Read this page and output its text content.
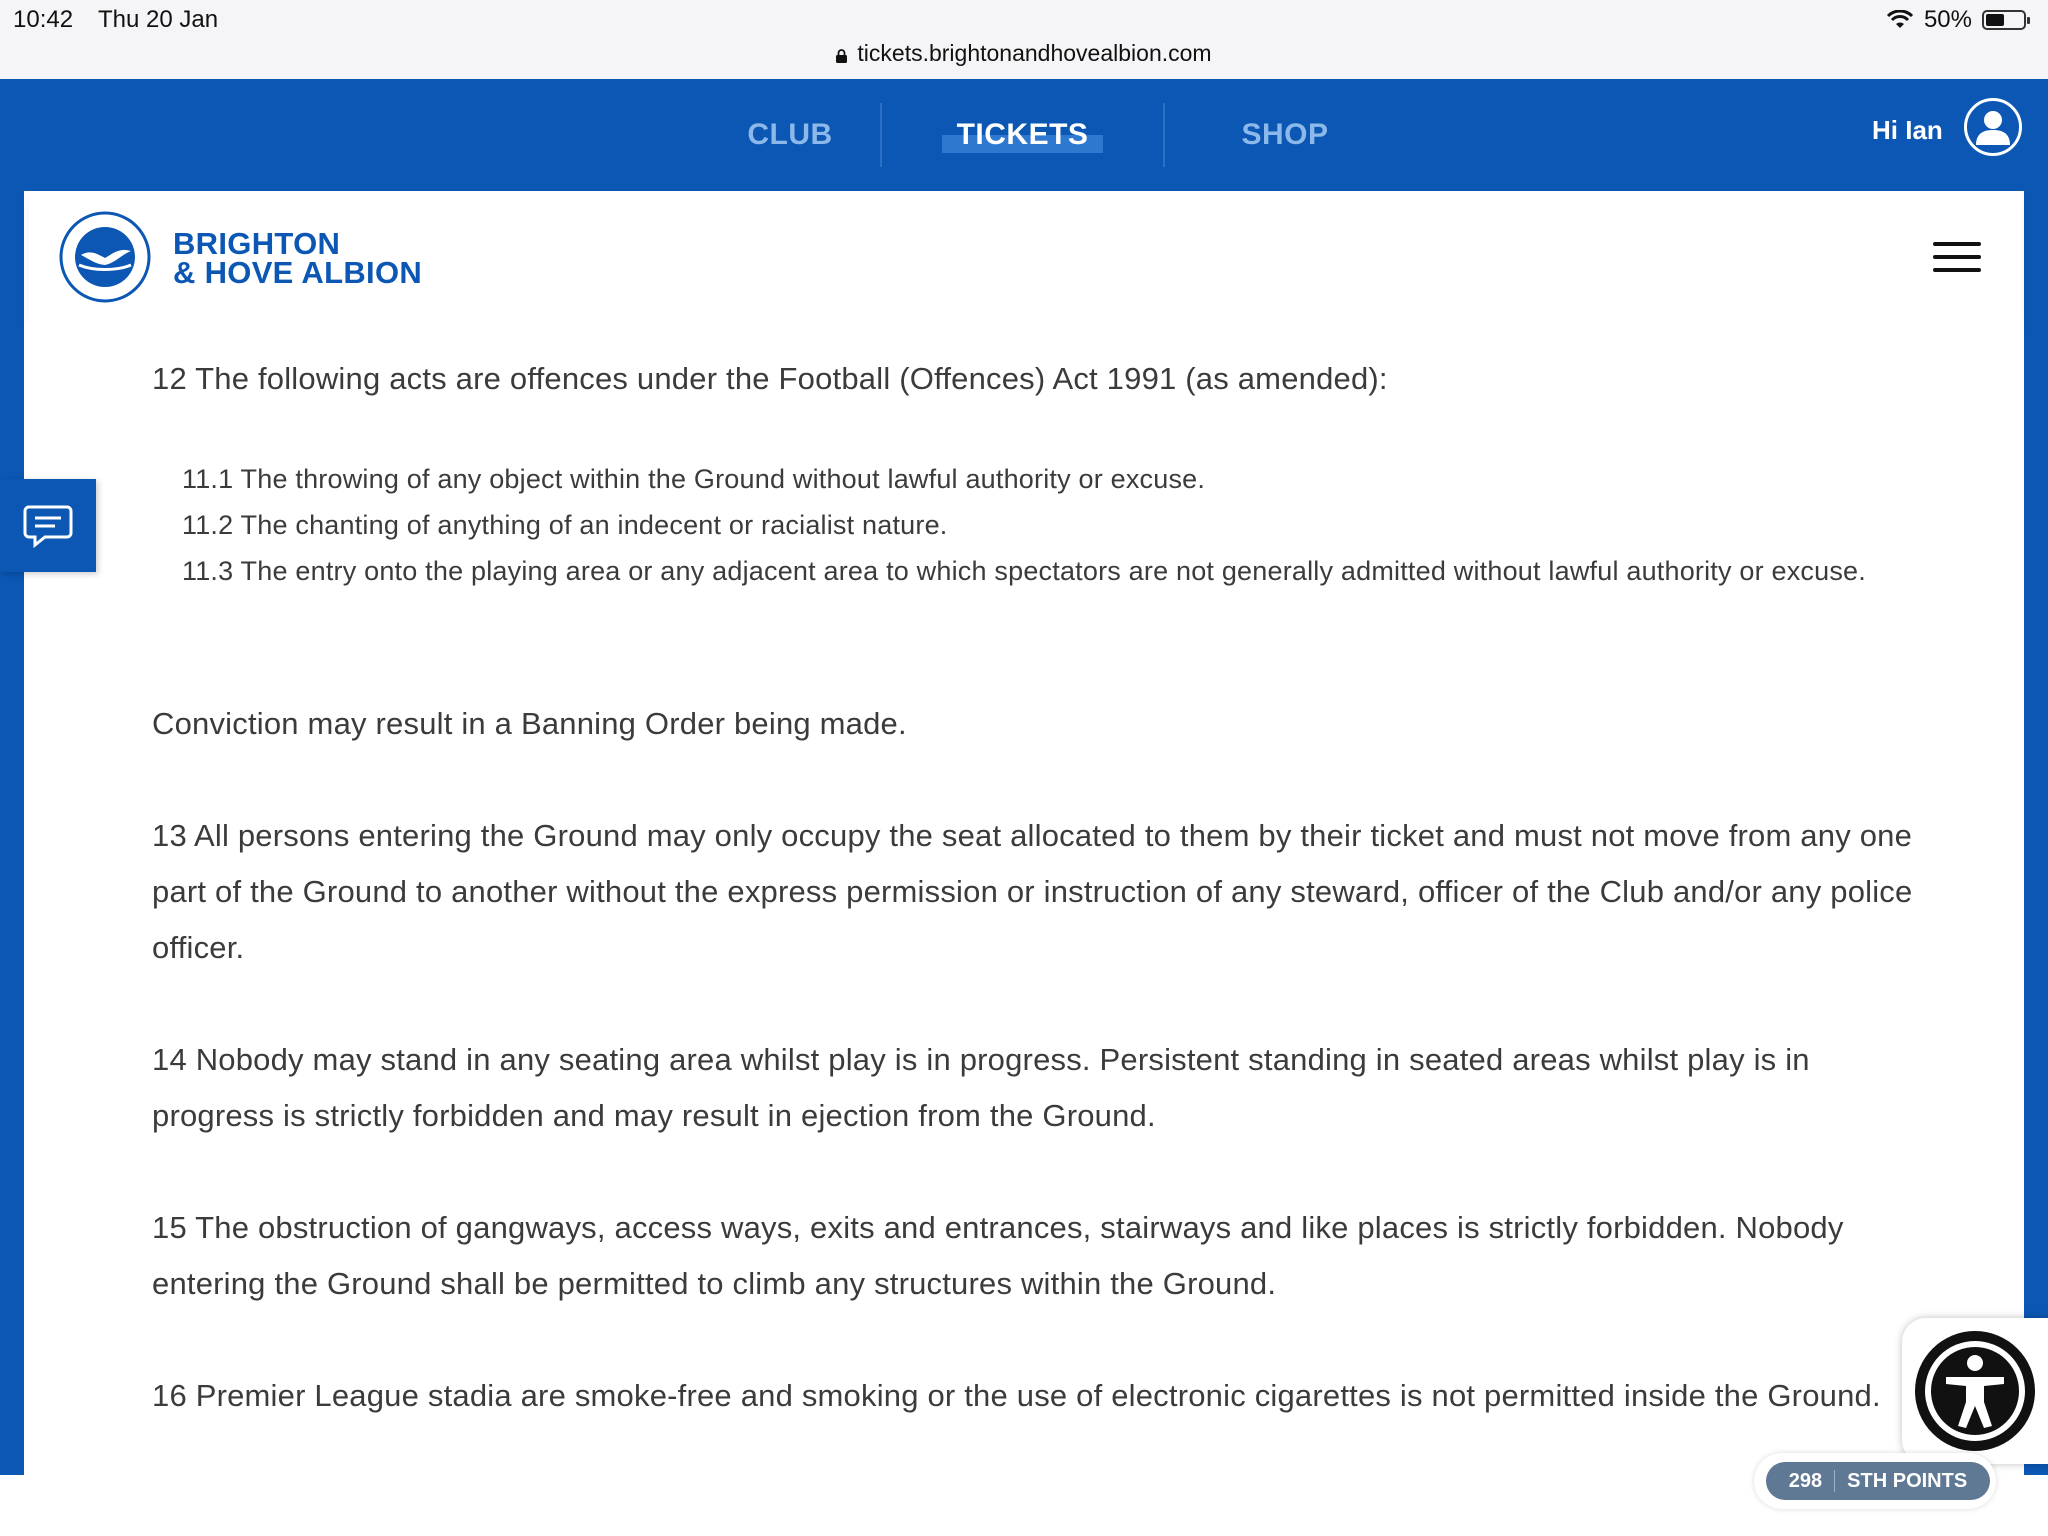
10:42 Thu 20 Jan	50%
tickets.brightonandhovealbion.com
CLUB	TICKETS	SHOP	Hi Ian
BRIGHTON
& HOVE ALBION
12 The following acts are offences under the Football (Offences) Act 1991 (as amended):
11.1 The throwing of any object within the Ground without lawful authority or excuse.
11.2 The chanting of anything of an indecent or racialist nature.
11.3 The entry onto the playing area or any adjacent area to which spectators are not generally admitted without lawful authority or excuse.
Conviction may result in a Banning Order being made.
13 All persons entering the Ground may only occupy the seat allocated to them by their ticket and must not move from any one part of the Ground to another without the express permission or instruction of any steward, officer of the Club and/or any police officer.
14 Nobody may stand in any seating area whilst play is in progress. Persistent standing in seated areas whilst play is in progress is strictly forbidden and may result in ejection from the Ground.
15 The obstruction of gangways, access ways, exits and entrances, stairways and like places is strictly forbidden. Nobody entering the Ground shall be permitted to climb any structures within the Ground.
16 Premier League stadia are smoke-free and smoking or the use of electronic cigarettes is not permitted inside the Ground.
298 STH POINTS
